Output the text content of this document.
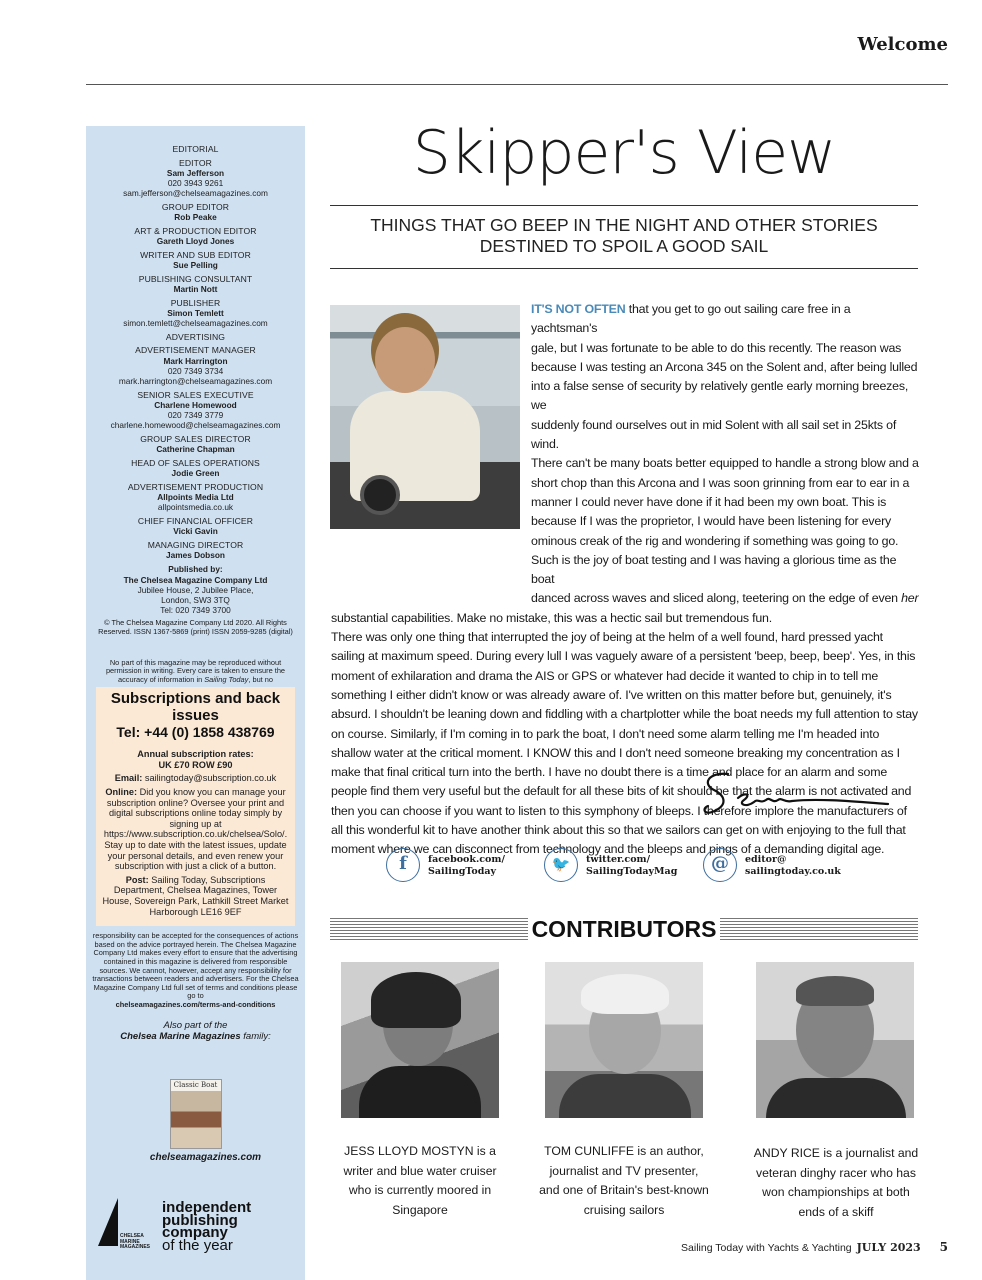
Welcome
EDITORIAL
EDITOR
Sam Jefferson
020 3943 9261
sam.jefferson@chelseamagazines.com
GROUP EDITOR
Rob Peake
ART & PRODUCTION EDITOR
Gareth Lloyd Jones
WRITER AND SUB EDITOR
Sue Pelling
PUBLISHING CONSULTANT
Martin Nott
PUBLISHER
Simon Temlett
simon.temlett@chelseamagazines.com
ADVERTISING
ADVERTISEMENT MANAGER
Mark Harrington
020 7349 3734
mark.harrington@chelseamagazines.com
SENIOR SALES EXECUTIVE
Charlene Homewood
020 7349 3779
charlene.homewood@chelseamagazines.com
GROUP SALES DIRECTOR
Catherine Chapman
HEAD OF SALES OPERATIONS
Jodie Green
ADVERTISEMENT PRODUCTION
Allpoints Media Ltd
allpointsmedia.co.uk
CHIEF FINANCIAL OFFICER
Vicki Gavin
MANAGING DIRECTOR
James Dobson
Published by:
The Chelsea Magazine Company Ltd
Jubilee House, 2 Jubilee Place,
London, SW3 3TQ
Tel: 020 7349 3700
© The Chelsea Magazine Company Ltd 2020. All Rights Reserved. ISSN 1367-5869 (print) ISSN 2059-9285 (digital)
No part of this magazine may be reproduced without permission in writing. Every care is taken to ensure the accuracy of information in Sailing Today, but no
Subscriptions and back issues
Tel: +44 (0) 1858 438769

Annual subscription rates:
UK £70 ROW £90

Email: sailingtoday@subscription.co.uk

Online: Did you know you can manage your subscription online? Oversee your print and digital subscriptions online today simply by signing up at https://www.subscription.co.uk/chelsea/Solo/. Stay up to date with the latest issues, update your personal details, and even renew your subscription with just a click of a button.

Post: Sailing Today, Subscriptions Department, Chelsea Magazines, Tower House, Sovereign Park, Lathkill Street Market Harborough LE16 9EF

responsibility can be accepted for the consequences of actions based on the advice portrayed herein. The Chelsea Magazine Company Ltd makes every effort to ensure that the advertising contained in this magazine is delivered from responsible sources. We cannot, however, accept any responsibility for transactions between readers and advertisers. For the Chelsea Magazine Company Ltd full set of terms and conditions please go to
chelseamagazines.com/terms-and-conditions
Also part of the
Chelsea Marine Magazines family:
Classic Boat
chelseamagazines.com
CHELSEA
MARINE
MAGAZINES
independent
publishing company
of the year
Skipper's View
THINGS THAT GO BEEP IN THE NIGHT AND OTHER STORIES DESTINED TO SPOIL A GOOD SAIL
IT'S NOT OFTEN that you get to go out sailing care free in a yachtsman's
gale, but I was fortunate to be able to do this recently. The reason was
because I was testing an Arcona 345 on the Solent and, after being lulled
into a false sense of security by relatively gentle early morning breezes, we
suddenly found ourselves out in mid Solent with all sail set in 25kts of wind.
There can't be many boats better equipped to handle a strong blow and a
short chop than this Arcona and I was soon grinning from ear to ear in a
manner I could never have done if it had been my own boat. This is
because If I was the proprietor, I would have been listening for every
ominous creak of the rig and wondering if something was going to go.
Such is the joy of boat testing and I was having a glorious time as the boat
danced across waves and sliced along, teetering on the edge of even her
substantial capabilities. Make no mistake, this was a hectic sail but tremendous fun.
There was only one thing that interrupted the joy of being at the helm of a well found, hard pressed yacht sailing at maximum speed. During every lull I was vaguely aware of a persistent 'beep, beep, beep'. Yes, in this moment of exhilaration and drama the AIS or GPS or whatever had decide it wanted to chip in to tell me something I either didn't know or was already aware of. I've written on this matter before but, genuinely, it's absurd. I shouldn't be leaning down and fiddling with a chartplotter while the boat needs my full attention to stay on course. Similarly, if I'm coming in to park the boat, I don't need some alarm telling me I'm headed into shallow water at the critical moment. I KNOW this and I don't need someone breaking my concentration as I make that final critical turn into the berth. I have no doubt there is a time and place for an alarm and some people find them very useful but the default for all these bits of kit should be that the alarm is not activated and then you can choose if you want to listen to this symphony of bleeps. I therefore implore the manufacturers of all this wonderful kit to have another think about this so that we sailors can get on with enjoying to the full that moment where we can disconnect from technology and the bleeps and pings of a demanding digital age.
f	facebook.com/
SailingToday	🐦	twitter.com/
SailingTodayMag	@	editor@
sailingtoday.co.uk
CONTRIBUTORS
JESS LLOYD MOSTYN is a writer and blue water cruiser who is currently moored in Singapore
TOM CUNLIFFE is an author, journalist and TV presenter, and one of Britain's best-known cruising sailors
ANDY RICE is a journalist and veteran dinghy racer who has won championships at both ends of a skiff
Sailing Today with Yachts & Yachting JULY 2023 5
